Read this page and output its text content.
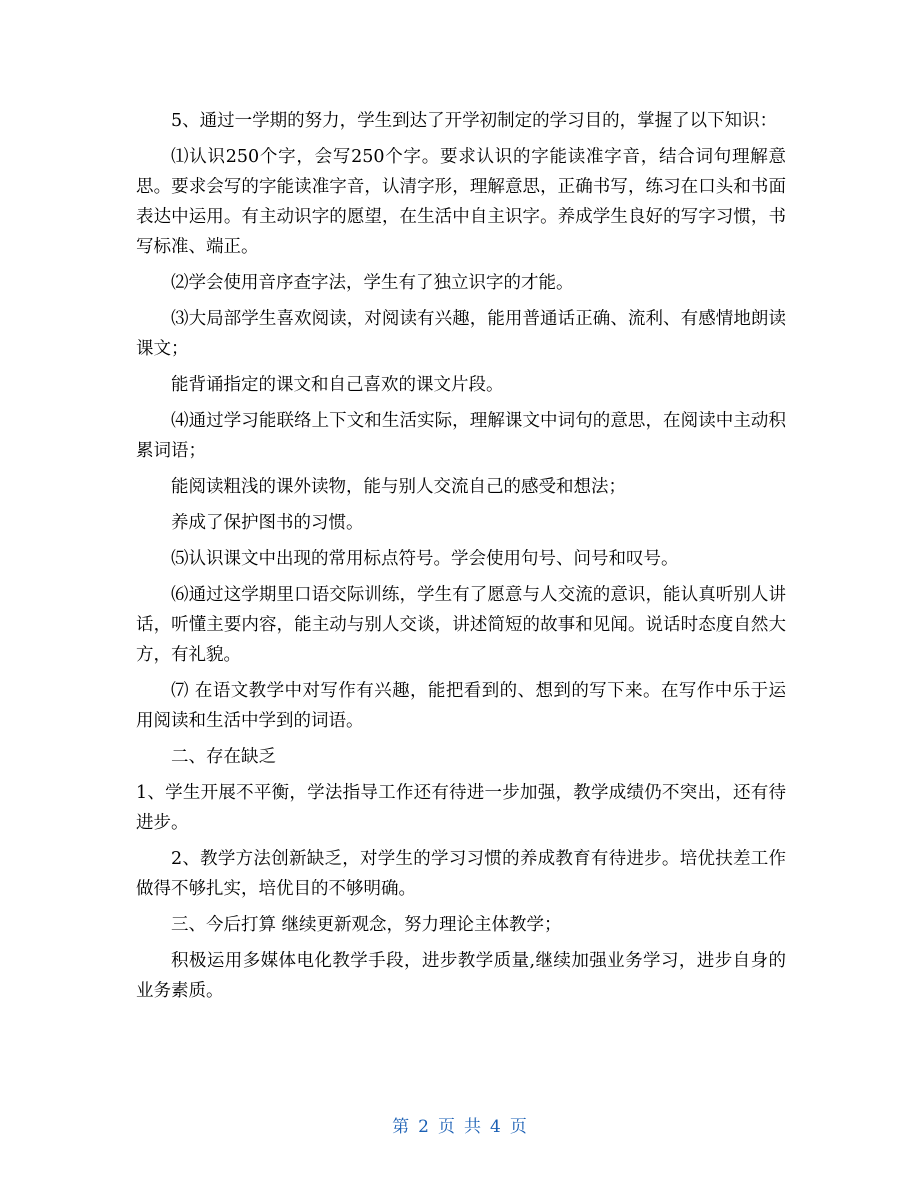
5、通过一学期的努力，学生到达了开学初制定的学习目的，掌握了以下知识：

⑴认识250个字，会写250个字。要求认识的字能读准字音，结合词句理解意思。要求会写的字能读准字音，认清字形，理解意思，正确书写，练习在口头和书面表达中运用。有主动识字的愿望，在生活中自主识字。养成学生良好的写字习惯，书写标准、端正。

⑵学会使用音序查字法，学生有了独立识字的才能。

⑶大局部学生喜欢阅读，对阅读有兴趣，能用普通话正确、流利、有感情地朗读课文；

能背诵指定的课文和自己喜欢的课文片段。

⑷通过学习能联络上下文和生活实际，理解课文中词句的意思，在阅读中主动积累词语；

能阅读粗浅的课外读物，能与别人交流自己的感受和想法；

养成了保护图书的习惯。

⑸认识课文中出现的常用标点符号。学会使用句号、问号和叹号。

⑹通过这学期里口语交际训练，学生有了愿意与人交流的意识，能认真听别人讲话，听懂主要内容，能主动与别人交谈，讲述简短的故事和见闻。说话时态度自然大方，有礼貌。

⑺ 在语文教学中对写作有兴趣，能把看到的、想到的写下来。在写作中乐于运用阅读和生活中学到的词语。

二、存在缺乏

1、学生开展不平衡，学法指导工作还有待进一步加强，教学成绩仍不突出，还有待进步。

2、教学方法创新缺乏，对学生的学习习惯的养成教育有待进步。培优扶差工作做得不够扎实，培优目的不够明确。

三、今后打算 继续更新观念，努力理论主体教学；

积极运用多媒体电化教学手段，进步教学质量,继续加强业务学习，进步自身的业务素质。

第 2 页 共 4 页
